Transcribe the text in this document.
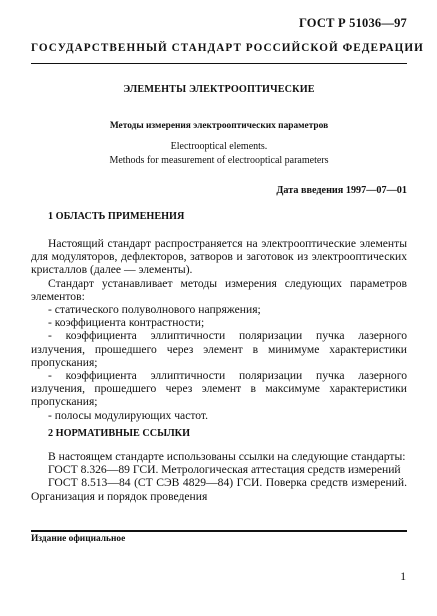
ГОСТ Р 51036—97
ГОСУДАРСТВЕННЫЙ СТАНДАРТ РОССИЙСКОЙ ФЕДЕРАЦИИ
ЭЛЕМЕНТЫ ЭЛЕКТРООПТИЧЕСКИЕ
Методы измерения электрооптических параметров
Electrooptical elements.
Methods for measurement of electrooptical parameters
Дата введения 1997—07—01
1 ОБЛАСТЬ ПРИМЕНЕНИЯ

Настоящий стандарт распространяется на электрооптические элементы для модуляторов, дефлекторов, затворов и заготовок из электрооптических кристаллов (далее — элементы).

Стандарт устанавливает методы измерения следующих параметров элементов:

- статического полуволнового напряжения;

- коэффициента контрастности;

- коэффициента эллиптичности поляризации пучка лазерного излучения, прошедшего через элемент в минимуме характеристики пропускания;

- коэффициента эллиптичности поляризации пучка лазерного излучения, прошедшего через элемент в максимуме характеристики пропускания;

- полосы модулирующих частот.

2 НОРМАТИВНЫЕ ССЫЛКИ

В настоящем стандарте использованы ссылки на следующие стандарты:

ГОСТ 8.326—89 ГСИ. Метрологическая аттестация средств измерений

ГОСТ 8.513—84 (СТ СЭВ 4829—84) ГСИ. Поверка средств измерений. Организация и порядок проведения

Издание официальное
1
